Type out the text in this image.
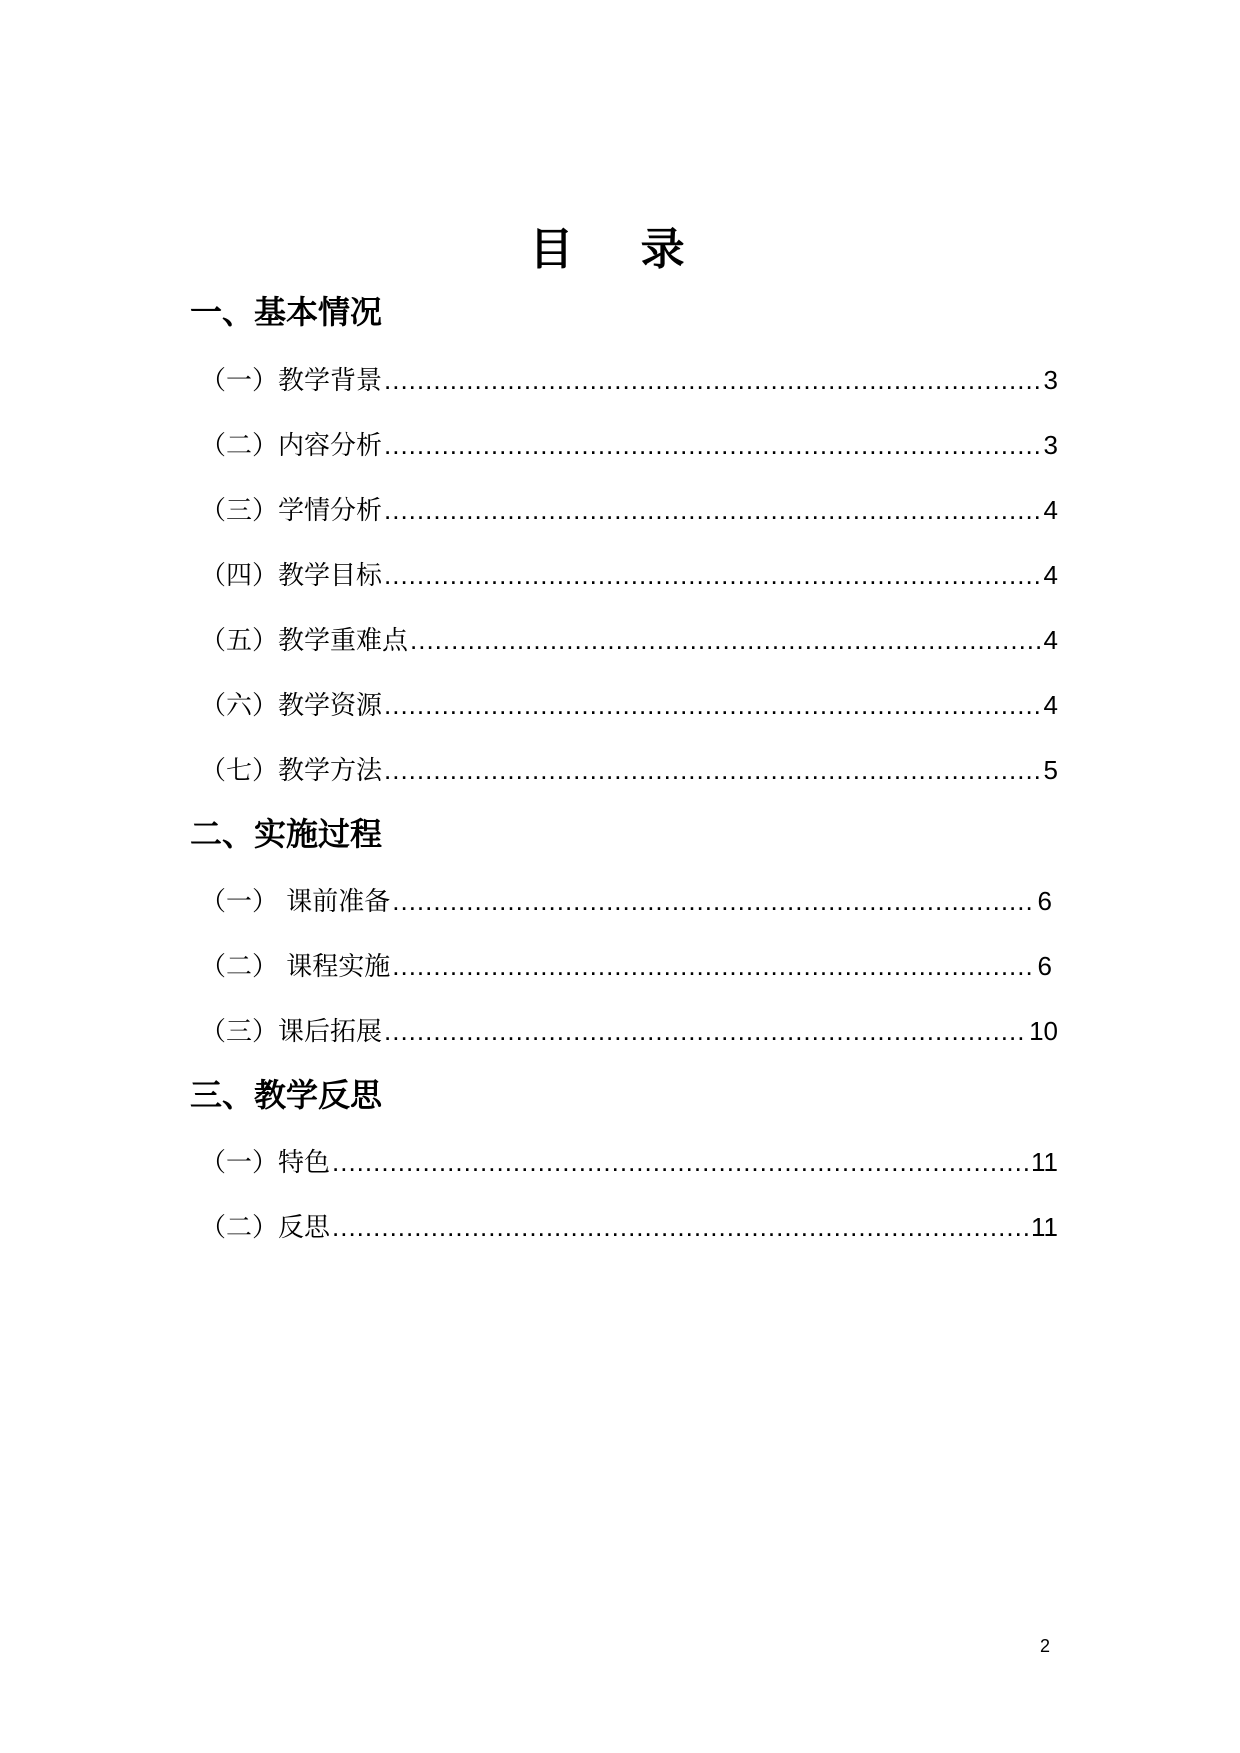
目 录
一、基本情况
（一）教学背景 .....	3
（二）内容分析 .....	3
（三）学情分析 .....	4
（四）教学目标 .....	4
（五）教学重难点 .....	4
（六）教学资源 .....	4
（七）教学方法 .....	5
二、实施过程
（一） 课前准备 .....	6
（二） 课程实施 .....	6
（三）课后拓展 .....	10
三、教学反思
（一）特色 .....	11
（二）反思 .....	11
2
